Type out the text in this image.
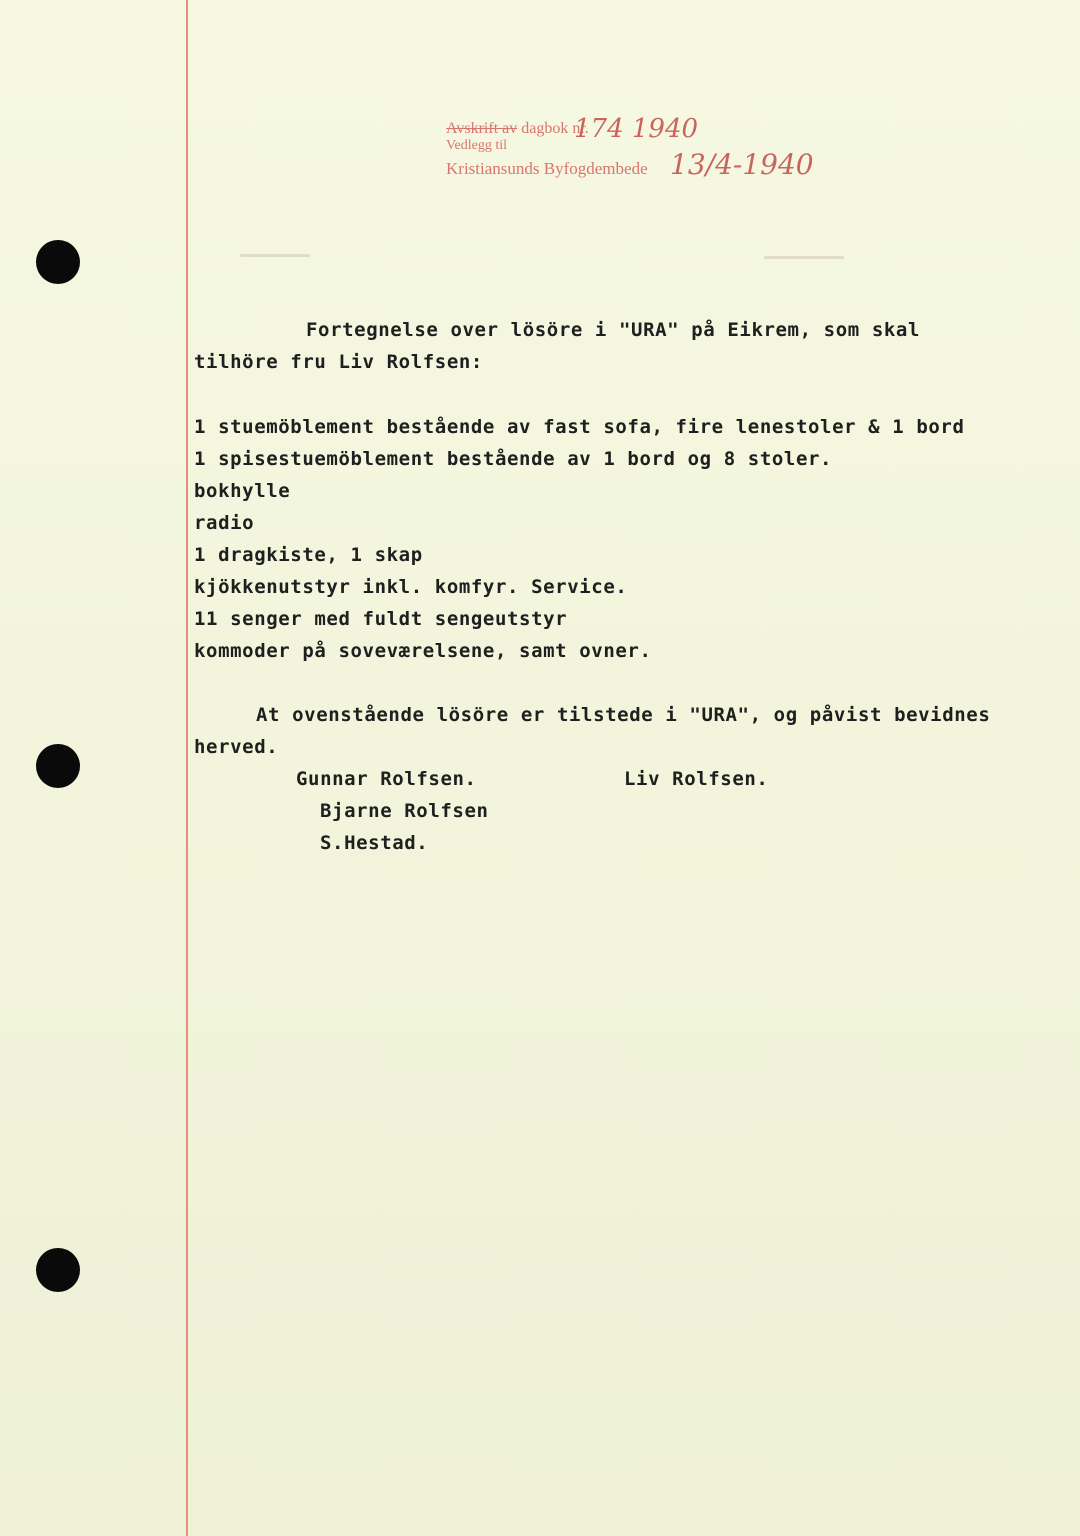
Avskrift av dagbok nr.
Vedlegg til
Kristiansunds Byfogdembede
174 1940
13/4-1940
Fortegnelse over lösöre i "URA" på Eikrem, som skal
tilhöre fru Liv Rolfsen:
1 stuemöblement bestående av fast sofa, fire lenestoler & 1 bord
1 spisestuemöblement bestående av 1 bord og 8 stoler.
bokhylle
radio
1 dragkiste, 1 skap
kjökkenutstyr inkl. komfyr. Service.
11 senger med fuldt sengeutstyr
kommoder på soveværelsene, samt ovner.
At ovenstående lösöre er tilstede i "URA", og påvist bevidnes
herved.
Gunnar Rolfsen.	Liv Rolfsen.
Bjarne Rolfsen
S.Hestad.
